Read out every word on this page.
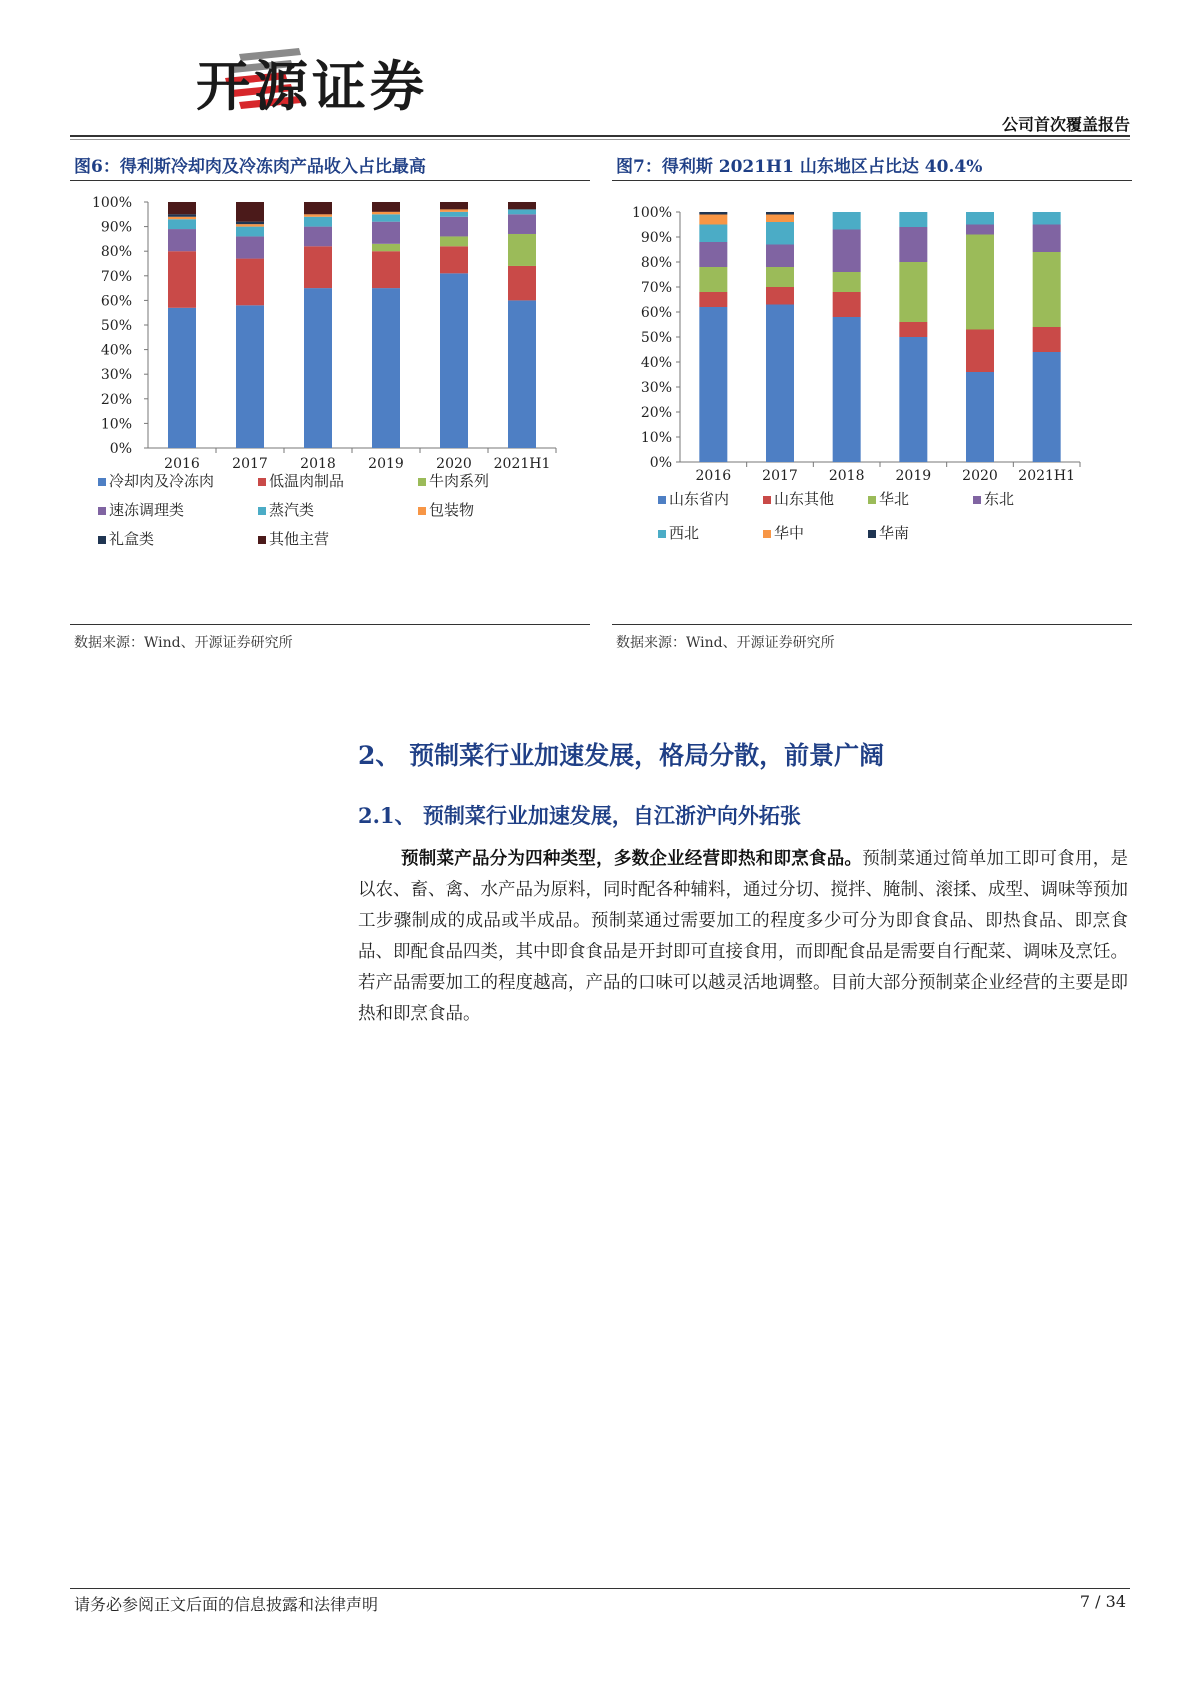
开源证券
公司首次覆盖报告
图6：得利斯冷却肉及冷冻肉产品收入占比最高
0%
10%
20%
30%
40%
50%
60%
70%
80%
90%
100%
2016 2017 2018 2019 2020 2021H1
冷却肉及冷冻肉	低温肉制品	牛肉系列
速冻调理类	蒸汽类	包装物
礼盒类	其他主营
数据来源：Wind、开源证券研究所
图7：得利斯 2021H1 山东地区占比达 40.4%
0%
10%
20%
30%
40%
50%
60%
70%
80%
90%
100%
2016 2017 2018 2019 2020 2021H1
山东省内	山东其他	华北	东北
西北	华中	华南
数据来源：Wind、开源证券研究所
2、 预制菜行业加速发展，格局分散，前景广阔
2.1、 预制菜行业加速发展，自江浙沪向外拓张
预制菜产品分为四种类型，多数企业经营即热和即烹食品。预制菜通过简单加工即可食用，是以农、畜、禽、水产品为原料，同时配各种辅料，通过分切、搅拌、腌制、滚揉、成型、调味等预加工步骤制成的成品或半成品。预制菜通过需要加工的程度多少可分为即食食品、即热食品、即烹食品、即配食品四类，其中即食食品是开封即可直接食用，而即配食品是需要自行配菜、调味及烹饪。若产品需要加工的程度越高，产品的口味可以越灵活地调整。目前大部分预制菜企业经营的主要是即热和即烹食品。
请务必参阅正文后面的信息披露和法律声明	7 / 34
